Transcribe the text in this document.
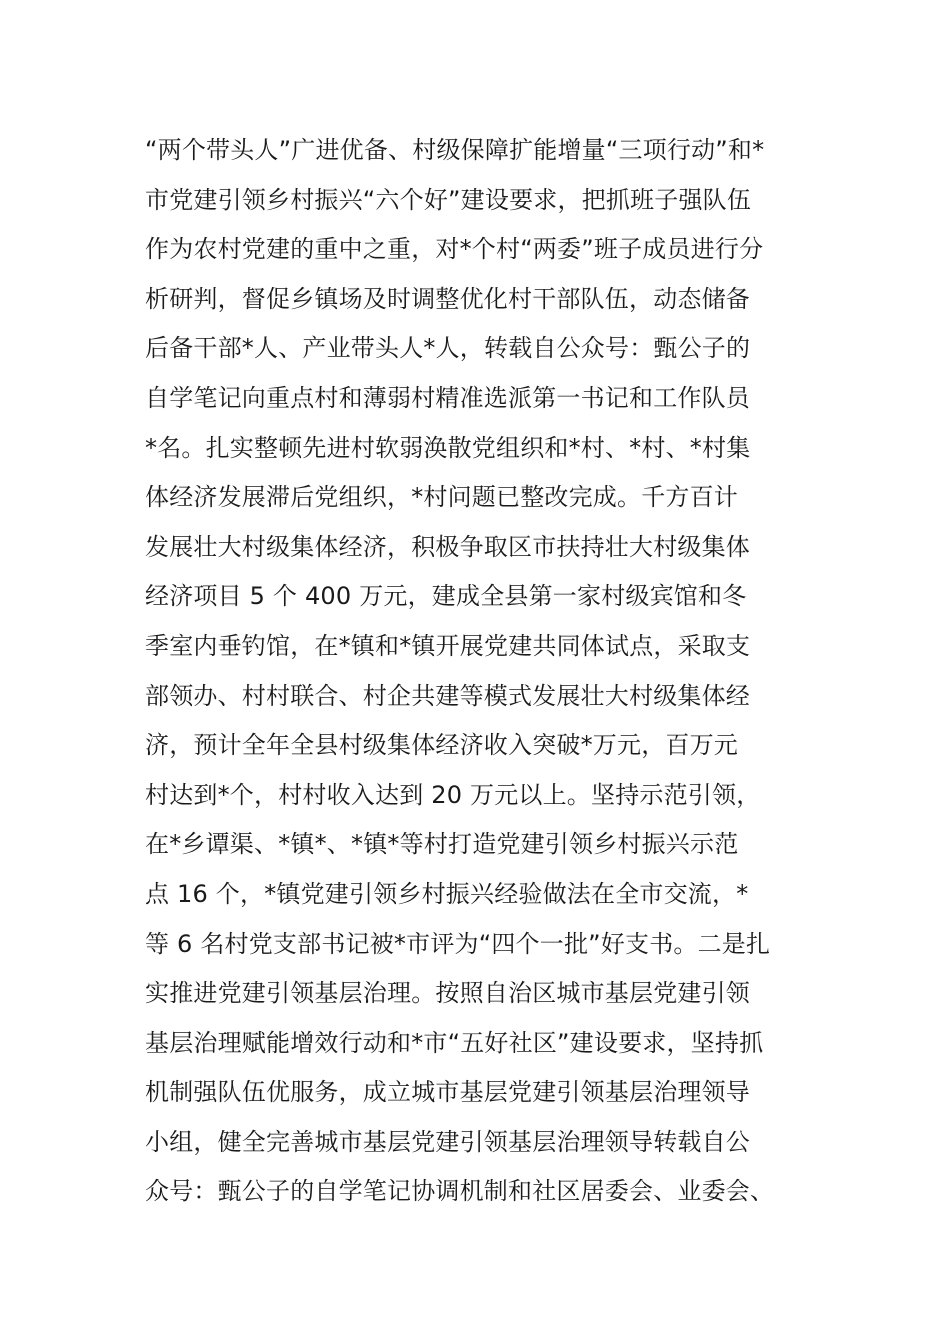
“两个带头人”广进优备、村级保障扩能增量“三项行动”和*
市党建引领乡村振兴“六个好”建设要求，把抓班子强队伍
作为农村党建的重中之重，对*个村“两委”班子成员进行分
析研判，督促乡镇场及时调整优化村干部队伍，动态储备
后备干部*人、产业带头人*人，转载自公众号：甄公子的
自学笔记向重点村和薄弱村精准选派第一书记和工作队员
*名。扎实整顿先进村软弱涣散党组织和*村、*村、*村集
体经济发展滞后党组织，*村问题已整改完成。千方百计
发展壮大村级集体经济，积极争取区市扶持壮大村级集体
经济项目 5 个 400 万元，建成全县第一家村级宾馆和冬
季室内垂钓馆，在*镇和*镇开展党建共同体试点，采取支
部领办、村村联合、村企共建等模式发展壮大村级集体经
济，预计全年全县村级集体经济收入突破*万元，百万元
村达到*个，村村收入达到 20 万元以上。坚持示范引领，
在*乡谭渠、*镇*、*镇*等村打造党建引领乡村振兴示范
点 16 个，*镇党建引领乡村振兴经验做法在全市交流，*
等 6 名村党支部书记被*市评为“四个一批”好支书。二是扎
实推进党建引领基层治理。按照自治区城市基层党建引领
基层治理赋能增效行动和*市“五好社区”建设要求，坚持抓
机制强队伍优服务，成立城市基层党建引领基层治理领导
小组，健全完善城市基层党建引领基层治理领导转载自公
众号：甄公子的自学笔记协调机制和社区居委会、业委会、
